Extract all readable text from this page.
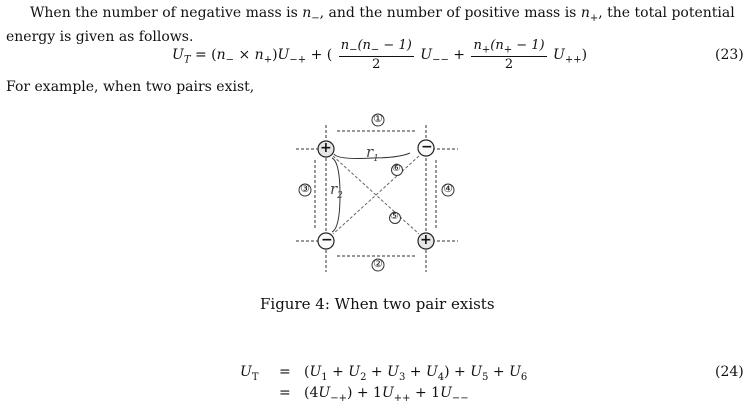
When the number of negative mass is $n_-$, and the number of positive mass is $n_+$, the total potential energy is given as follows.

$U_T = (n_- \times n_+)U_{-+}$ + ( $\frac{n_-(n_- - 1)}{2} U_{--} + \frac{n_+(n_+ - 1)}{2} U_{++}$)	(23)

For example, when two pairs exist,

+	−
−	+
①
②
③	④
⑥
⑤
$r_1$
$r_2$
Figure 4: When two pair exists
$U_T = (U_1 + U_2 + U_3 + U_4) + U_5 + U_6$	(24)
= $(4U_{-+}) + 1U_{++} + 1U_{--}$
